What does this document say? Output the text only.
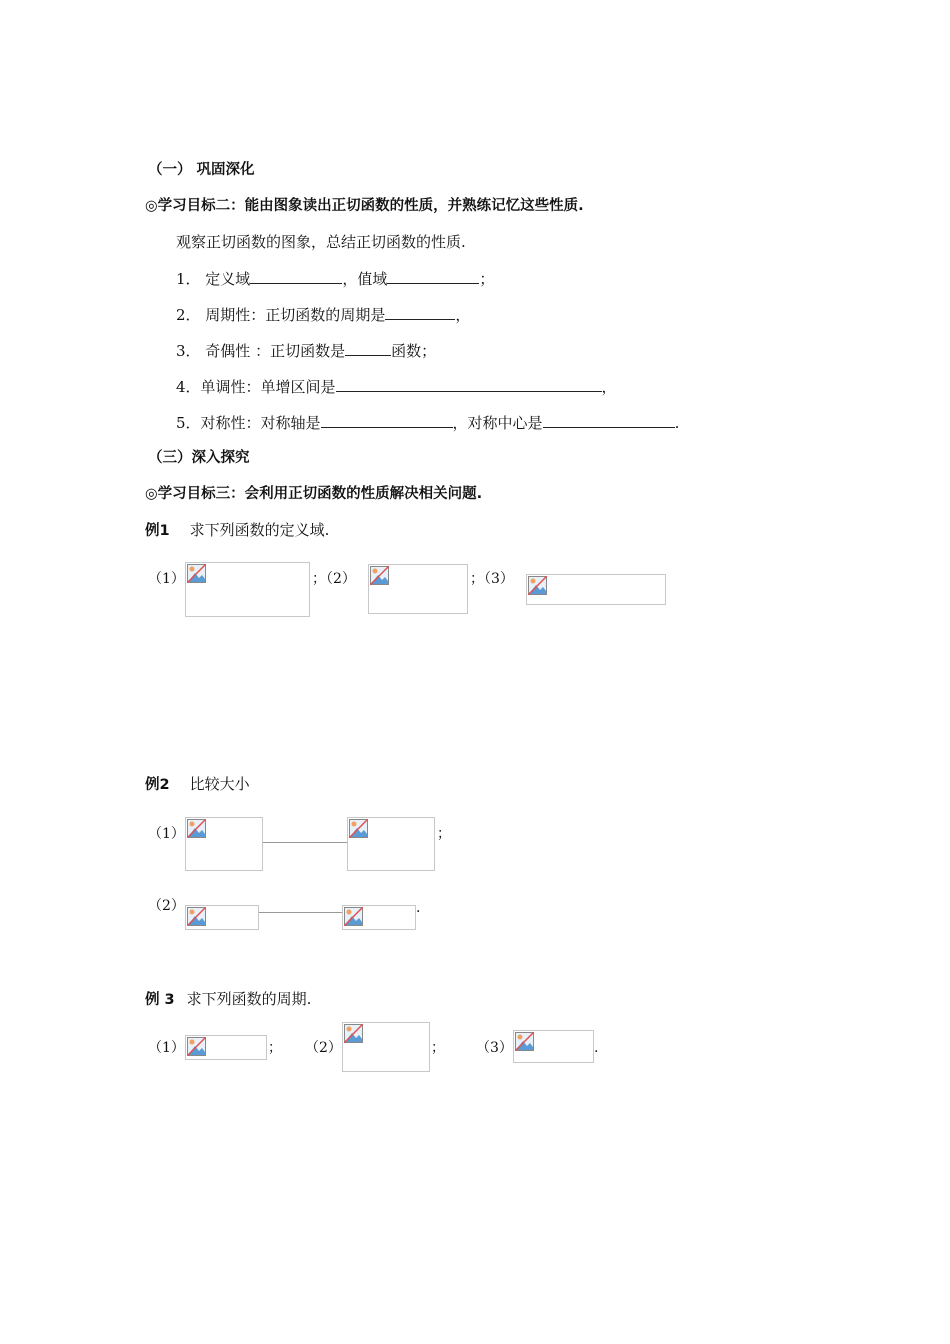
（一） 巩固深化
◎学习目标二：能由图象读出正切函数的性质，并熟练记忆这些性质.
观察正切函数的图象，总结正切函数的性质.
1． 定义域	，值域	；
2． 周期性：正切函数的周期是	，
3． 奇偶性 ：正切函数是	函数；
4．单调性：单增区间是	，
5．对称性：对称轴是	，对称中心是	.
（三）深入探究
◎学习目标三：会利用正切函数的性质解决相关问题.
例1 求下列函数的定义域.
（1）	；（2）	；（3）
例2 比较大小
（1）	；
（2）	.
例 3 求下列函数的周期.
（1）	； （2）	； （3）	.
